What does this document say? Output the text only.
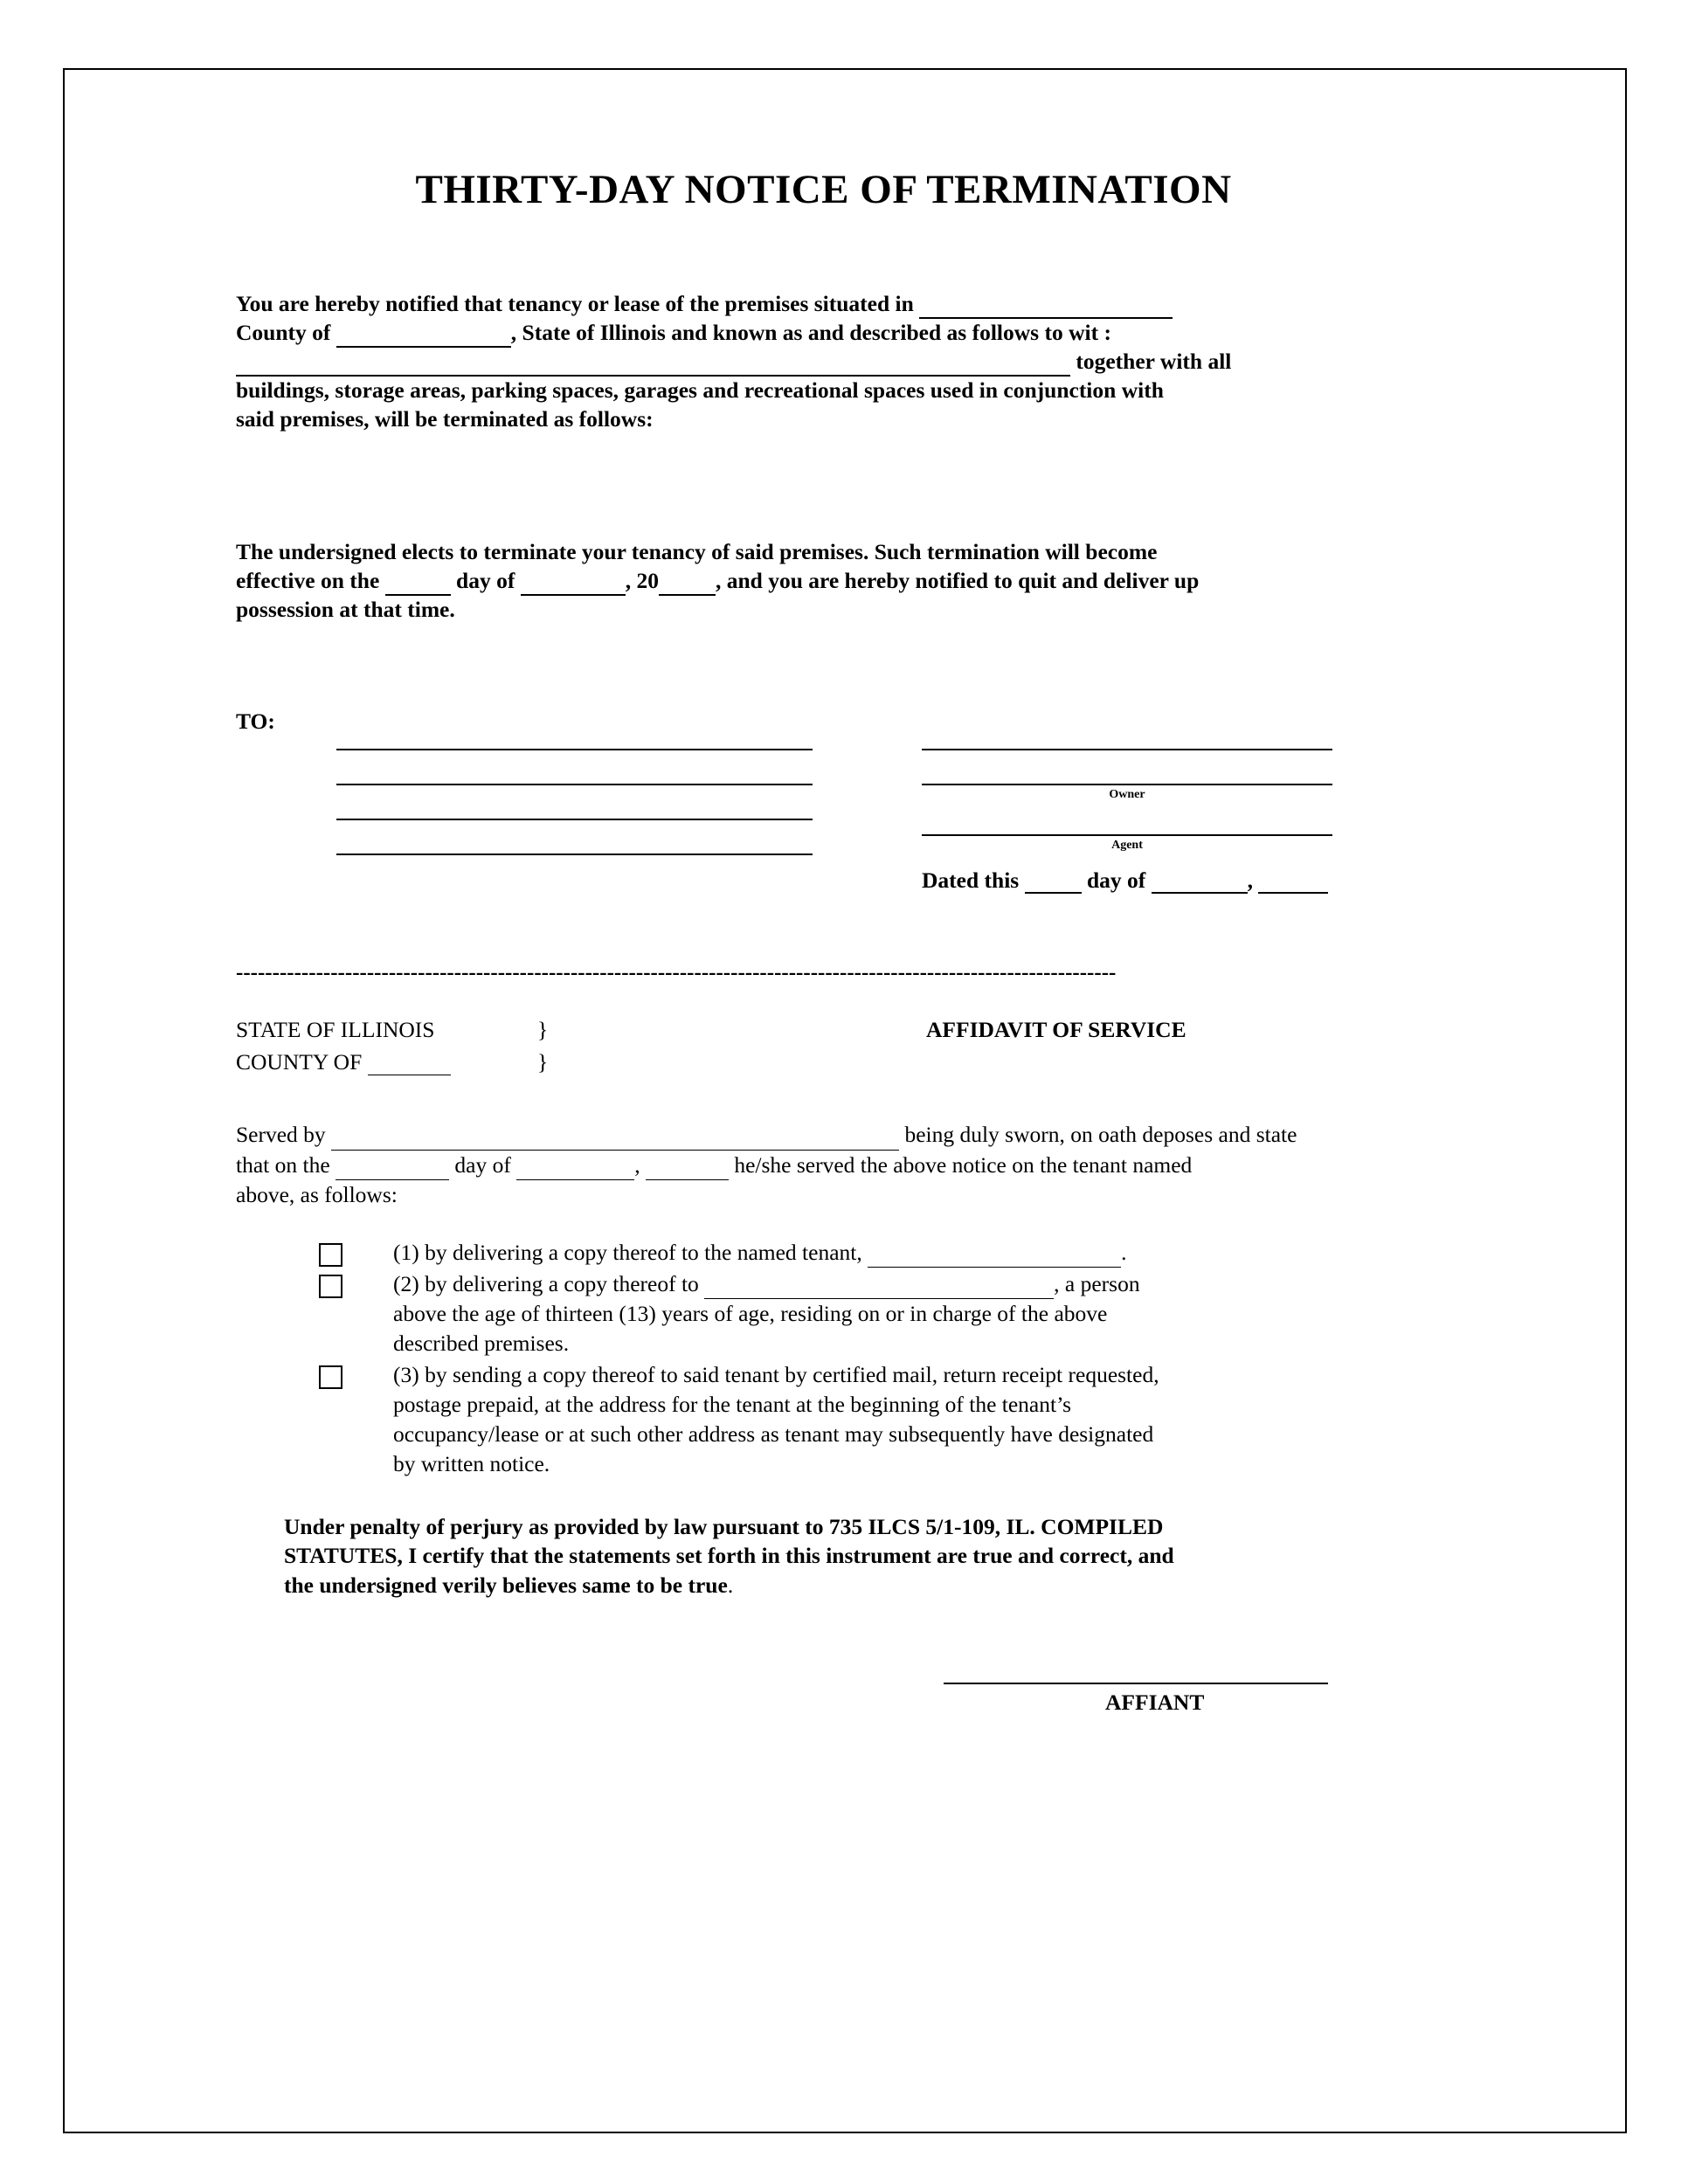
THIRTY-DAY NOTICE OF TERMINATION
You are hereby notified that tenancy or lease of the premises situated in
County of	, State of Illinois and known as and described as follows to wit :
together with all
buildings, storage areas, parking spaces, garages and recreational spaces used in conjunction with
said premises, will be terminated as follows:
The undersigned elects to terminate your tenancy of said premises. Such termination will become
effective on the	day of	, 20	, and you are hereby notified to quit and deliver up
possession at that time.
TO:
Owner
Agent
Dated this	day of	,
-------------------------------------------------------------------------------------------------------------------------
STATE OF ILLINOIS
COUNTY OF
}
}
AFFIDAVIT OF SERVICE
Served by	being duly sworn, on oath deposes and state
that on the	day of	,	he/she served the above notice on the tenant named
above, as follows:
(1) by delivering a copy thereof to the named tenant,	.
(2) by delivering a copy thereof to	, a person
above the age of thirteen (13) years of age, residing on or in charge of the above
described premises.
(3) by sending a copy thereof to said tenant by certified mail, return receipt requested,
postage prepaid, at the address for the tenant at the beginning of the tenant’s
occupancy/lease or at such other address as tenant may subsequently have designated
by written notice.
Under penalty of perjury as provided by law pursuant to 735 ILCS 5/1-109, IL. COMPILED
STATUTES, I certify that the statements set forth in this instrument are true and correct, and
the undersigned verily believes same to be true.
AFFIANT
